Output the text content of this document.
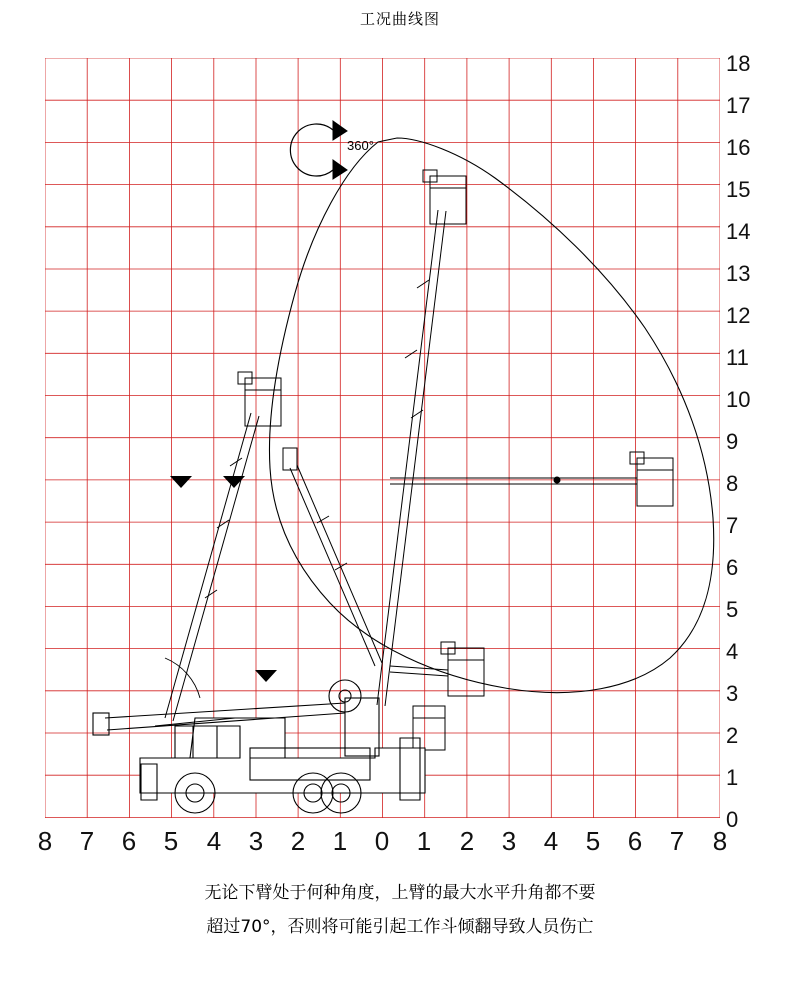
工况曲线图
360°
18
17
16
15
14
13
12
11
10
9
8
7
6
5
4
3
2
1
0
8	7	6	5	4	3	2	1	0	1	2	3	4	5	6	7	8
无论下臂处于何种角度，上臂的最大水平升角都不要
超过70°，否则将可能引起工作斗倾翻导致人员伤亡
